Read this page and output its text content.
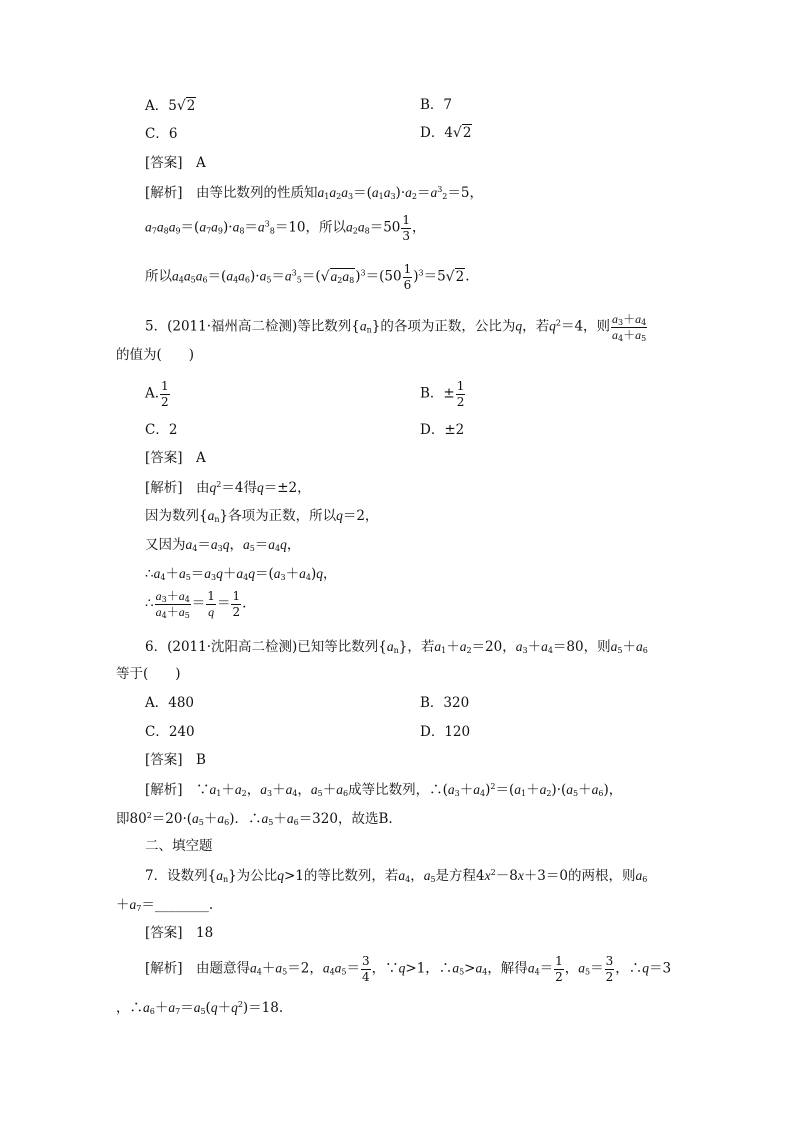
A．5√2	B．7
C．6	D．4√2
[答案]　 A
[解析]　由等比数列的性质知$a_1a_2a_3=(a_1a_3)\cdot a_2=a^3_2=5$，
$a_7a_8a_9=(a_7a_9)\cdot a_8=a^3_8=10$，所以$a_2a_8=50 \frac{1}{3}$ ，
所以$a_4a_5a_6=(a_4a_6)\cdot a_5=a^3_5=(√a_2a_8)^3=(50 \frac{1}{6} )^3=5√2$.
5．(2011·福州高二检测)等比数列$\{a_n\}$的各项为正数，公比为q，若$q^2=4$，则 $\frac{a_3+a_4}{a_4+a_5}$
的值为(　　)
A. $\frac{1}{2}$	B．± $\frac{1}{2}$
C．2	D．±2
[答案]　 A
[解析]　由$q^2=4$得q＝±2，
因为数列$\{a_n\}$各项为正数，所以q＝2，
又因为$a_4=a_3q$，$a_5=a_4q$，
$\therefore a_4+a_5=a_3q+a_4q=(a_3+a_4)q$，
∴ $\frac{a_3+a_4}{a_4+a_5} = \frac{1}{q} = \frac{1}{2}$ .
6．(2011·沈阳高二检测)已知等比数列$\{a_n\}$，若$a_1+a_2=20$，$a_3+a_4=80$，则$a_5+a_6$
等于(　　)
A．480	B．320
C．240	D．120
[答案]　 B
[解析]　$\because a_1+a_2$，$a_3+a_4$，$a_5+a_6$成等比数列，$\therefore(a_3+a_4)^2=(a_1+a_2)\cdot(a_5+a_6)$，
即$80^2=20\cdot(a_5+a_6)$．$\therefore a_5+a_6=320$，故选B.
二、填空题
7．设数列$\{a_n\}$为公比q>1的等比数列，若$a_4$，$a_5$是方程$4x^2-8x+3=0$的两根，则$a_6$
$+a_7=\_\_\_\_\_\_\_\_$.
[答案]　 18
[解析]　由题意得$a_4+a_5=2$，$a_4a_5= \frac{3}{4}$ ，∵q>1，$\therefore a_5>a_4$，解得$a_4= \frac{1}{2}$ ，$a_5= \frac{3}{2}$ ，∴q＝3
，$\therefore a_6+a_7=a_5(q+q^2)=18$.
